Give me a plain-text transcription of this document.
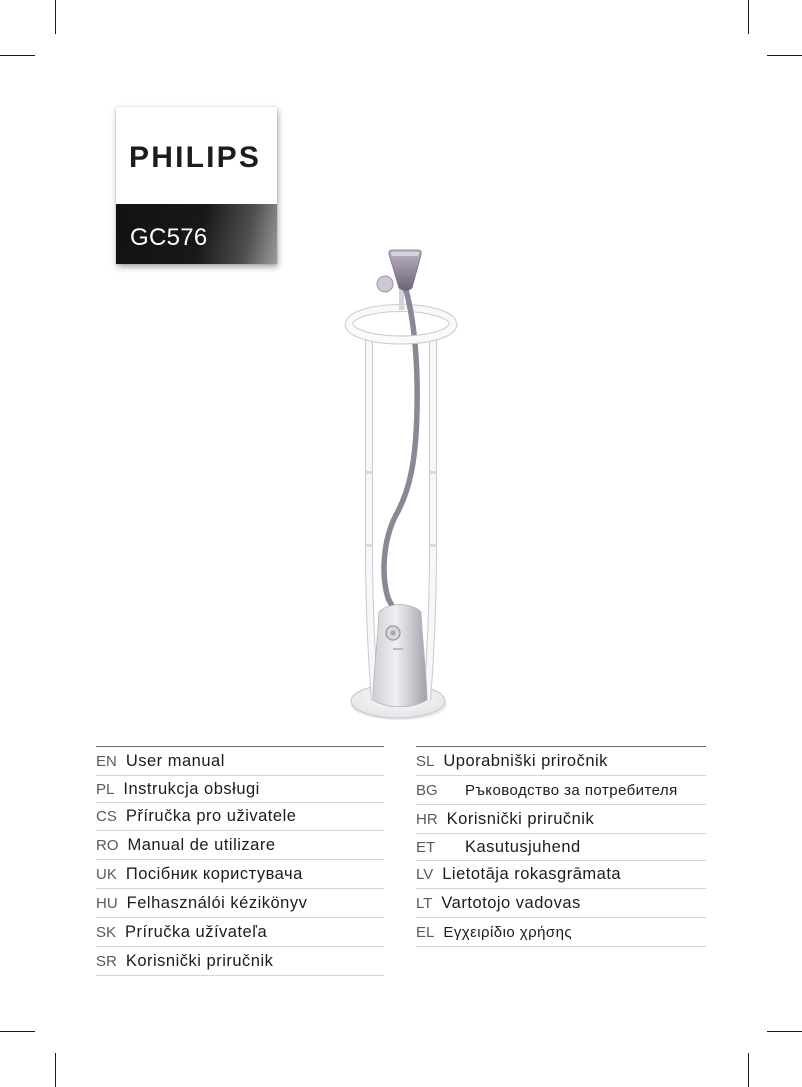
PHILIPS
GC576
EN User manual
PL Instrukcja obsługi
CS Příručka pro uživatele
RO Manual de utilizare
UK Посібник користувача
HU Felhasználói kézikönyv
SK Príručka užívateľa
SR Korisnički priručnik
SL Uporabniški priročnik
BG	Ръководство за потребителя
HR Korisnički priručnik
ET	Kasutusjuhend
LV Lietotāja rokasgrāmata
LT Vartotojo vadovas
EL Εγχειρίδιο χρήσης
